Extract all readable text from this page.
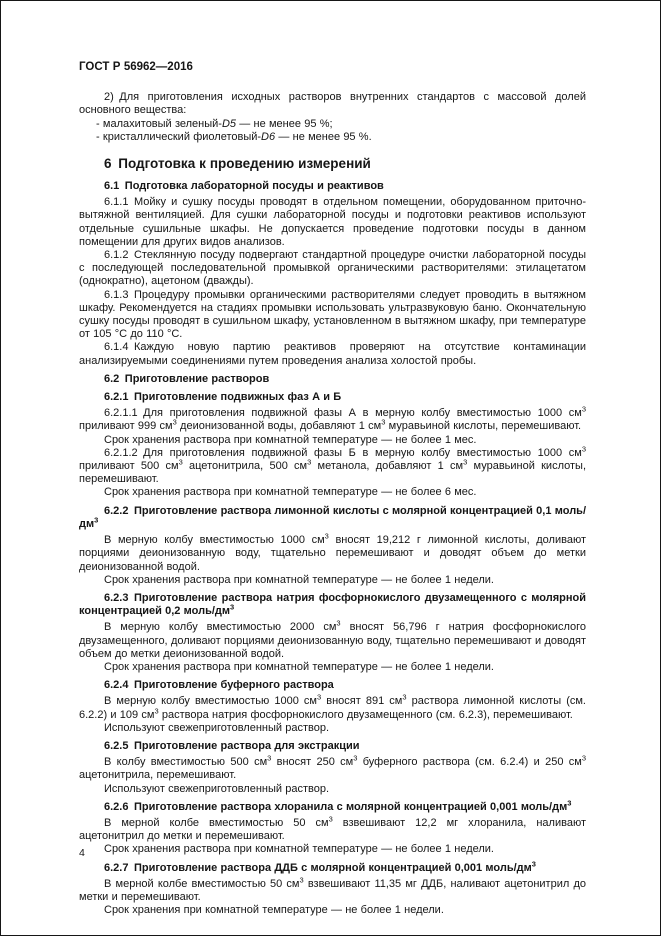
ГОСТ Р 56962—2016

2) Для приготовления исходных растворов внутренних стандартов с массовой долей основного вещества:

- малахитовый зеленый-D5 — не менее 95 %;

- кристаллический фиолетовый-D6 — не менее 95 %.

6 Подготовка к проведению измерений

6.1 Подготовка лабораторной посуды и реактивов

6.1.1 Мойку и сушку посуды проводят в отдельном помещении, оборудованном приточно-вытяжной вентиляцией. Для сушки лабораторной посуды и подготовки реактивов используют отдельные сушильные шкафы. Не допускается проведение подготовки посуды в данном помещении для других видов анализов.

6.1.2 Стеклянную посуду подвергают стандартной процедуре очистки лабораторной посуды с последующей последовательной промывкой органическими растворителями: этилацетатом (однократно), ацетоном (дважды).

6.1.3 Процедуру промывки органическими растворителями следует проводить в вытяжном шкафу. Рекомендуется на стадиях промывки использовать ультразвуковую баню. Окончательную сушку посуды проводят в сушильном шкафу, установленном в вытяжном шкафу, при температуре от 105 °С до 110 °С.

6.1.4 Каждую новую партию реактивов проверяют на отсутствие контаминации анализируемыми соединениями путем проведения анализа холостой пробы.

6.2 Приготовление растворов

6.2.1 Приготовление подвижных фаз А и Б

6.2.1.1 Для приготовления подвижной фазы А в мерную колбу вместимостью 1000 $см^3$ приливают 999 $см^3$ деионизованной воды, добавляют 1 $см^3$ муравьиной кислоты, перемешивают.

Срок хранения раствора при комнатной температуре — не более 1 мес.

6.2.1.2 Для приготовления подвижной фазы Б в мерную колбу вместимостью 1000 $см^3$ приливают 500 $см^3$ ацетонитрила, 500 $см^3$ метанола, добавляют 1 $см^3$ муравьиной кислоты, перемешивают.

Срок хранения раствора при комнатной температуре — не более 6 мес.

6.2.2 Приготовление раствора лимонной кислоты с молярной концентрацией 0,1 моль/$дм^3$

В мерную колбу вместимостью 1000 $см^3$ вносят 19,212 г лимонной кислоты, доливают порциями деионизованную воду, тщательно перемешивают и доводят объем до метки деионизованной водой.

Срок хранения раствора при комнатной температуре — не более 1 недели.

6.2.3 Приготовление раствора натрия фосфорнокислого двузамещенного с молярной концентрацией 0,2 моль/$дм^3$

В мерную колбу вместимостью 2000 $см^3$ вносят 56,796 г натрия фосфорнокислого двузамещенного, доливают порциями деионизованную воду, тщательно перемешивают и доводят объем до метки деионизованной водой.

Срок хранения раствора при комнатной температуре — не более 1 недели.

6.2.4 Приготовление буферного раствора

В мерную колбу вместимостью 1000 $см^3$ вносят 891 $см^3$ раствора лимонной кислоты (см. 6.2.2) и 109 $см^3$ раствора натрия фосфорнокислого двузамещенного (см. 6.2.3), перемешивают.

Используют свежеприготовленный раствор.

6.2.5 Приготовление раствора для экстракции

В колбу вместимостью 500 $см^3$ вносят 250 $см^3$ буферного раствора (см. 6.2.4) и 250 $см^3$ ацетонитрила, перемешивают.

Используют свежеприготовленный раствор.

6.2.6 Приготовление раствора хлоранила с молярной концентрацией 0,001 моль/$дм^3$

В мерной колбе вместимостью 50 $см^3$ взвешивают 12,2 мг хлоранила, наливают ацетонитрил до метки и перемешивают.

Срок хранения раствора при комнатной температуре — не более 1 недели.

6.2.7 Приготовление раствора ДДБ с молярной концентрацией 0,001 моль/$дм^3$

В мерной колбе вместимостью 50 $см^3$ взвешивают 11,35 мг ДДБ, наливают ацетонитрил до метки и перемешивают.

Срок хранения при комнатной температуре — не более 1 недели.

4
